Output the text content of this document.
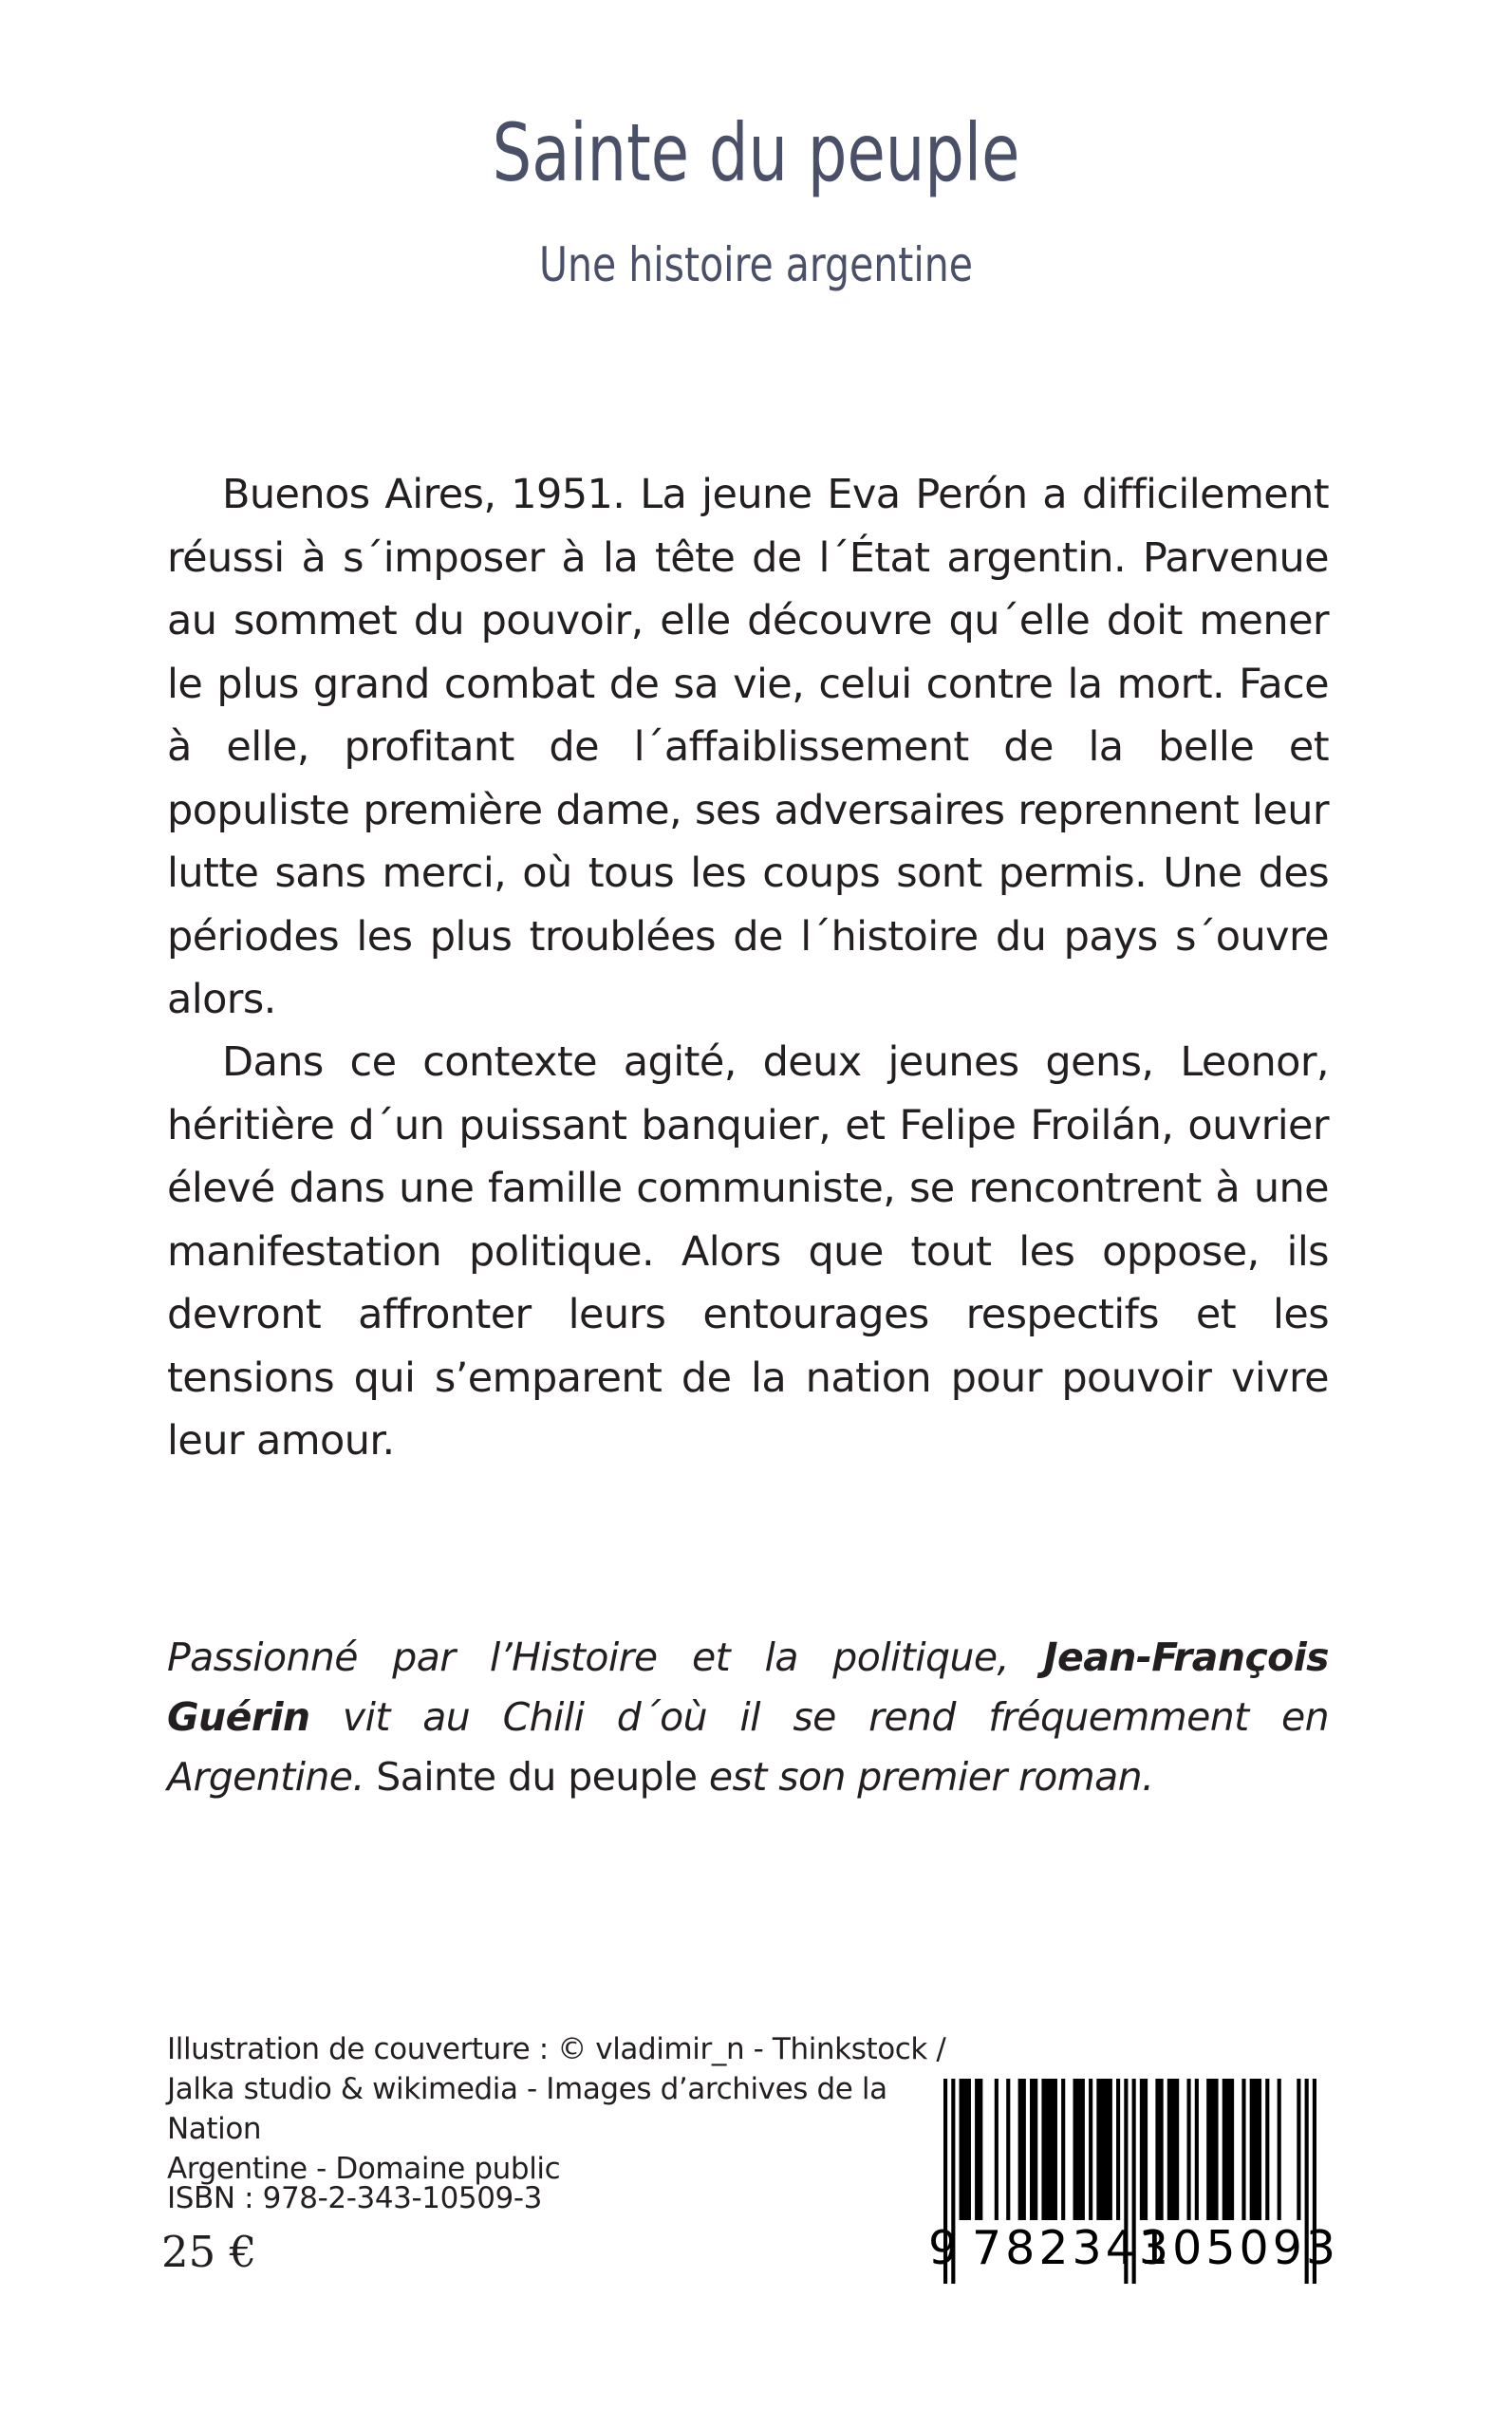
Sainte du peuple
Une histoire argentine

Buenos Aires, 1951. La jeune Eva Perón a difficilement réussi à s´imposer à la tête de l´État argentin. Parvenue au sommet du pouvoir, elle découvre qu´elle doit mener le plus grand combat de sa vie, celui contre la mort. Face à elle, profitant de l´affaiblissement de la belle et populiste première dame, ses adversaires reprennent leur lutte sans merci, où tous les coups sont permis. Une des périodes les plus troublées de l´histoire du pays s´ouvre alors.

Dans ce contexte agité, deux jeunes gens, Leonor, héritière d´un puissant banquier, et Felipe Froilán, ouvrier élevé dans une famille communiste, se rencontrent à une manifestation politique. Alors que tout les oppose, ils devront affronter leurs entourages respectifs et les tensions qui s’emparent de la nation pour pouvoir vivre leur amour.

Passionné par l’Histoire et la politique, Jean-François Guérin vit au Chili d´où il se rend fréquemment en Argentine. Sainte du peuple est son premier roman.

Illustration de couverture : © vladimir_n - Thinkstock /
Jalka studio & wikimedia - Images d’archives de la Nation
Argentine - Domaine public
ISBN : 978-2-343-10509-3
25 €	9 782343
105093
